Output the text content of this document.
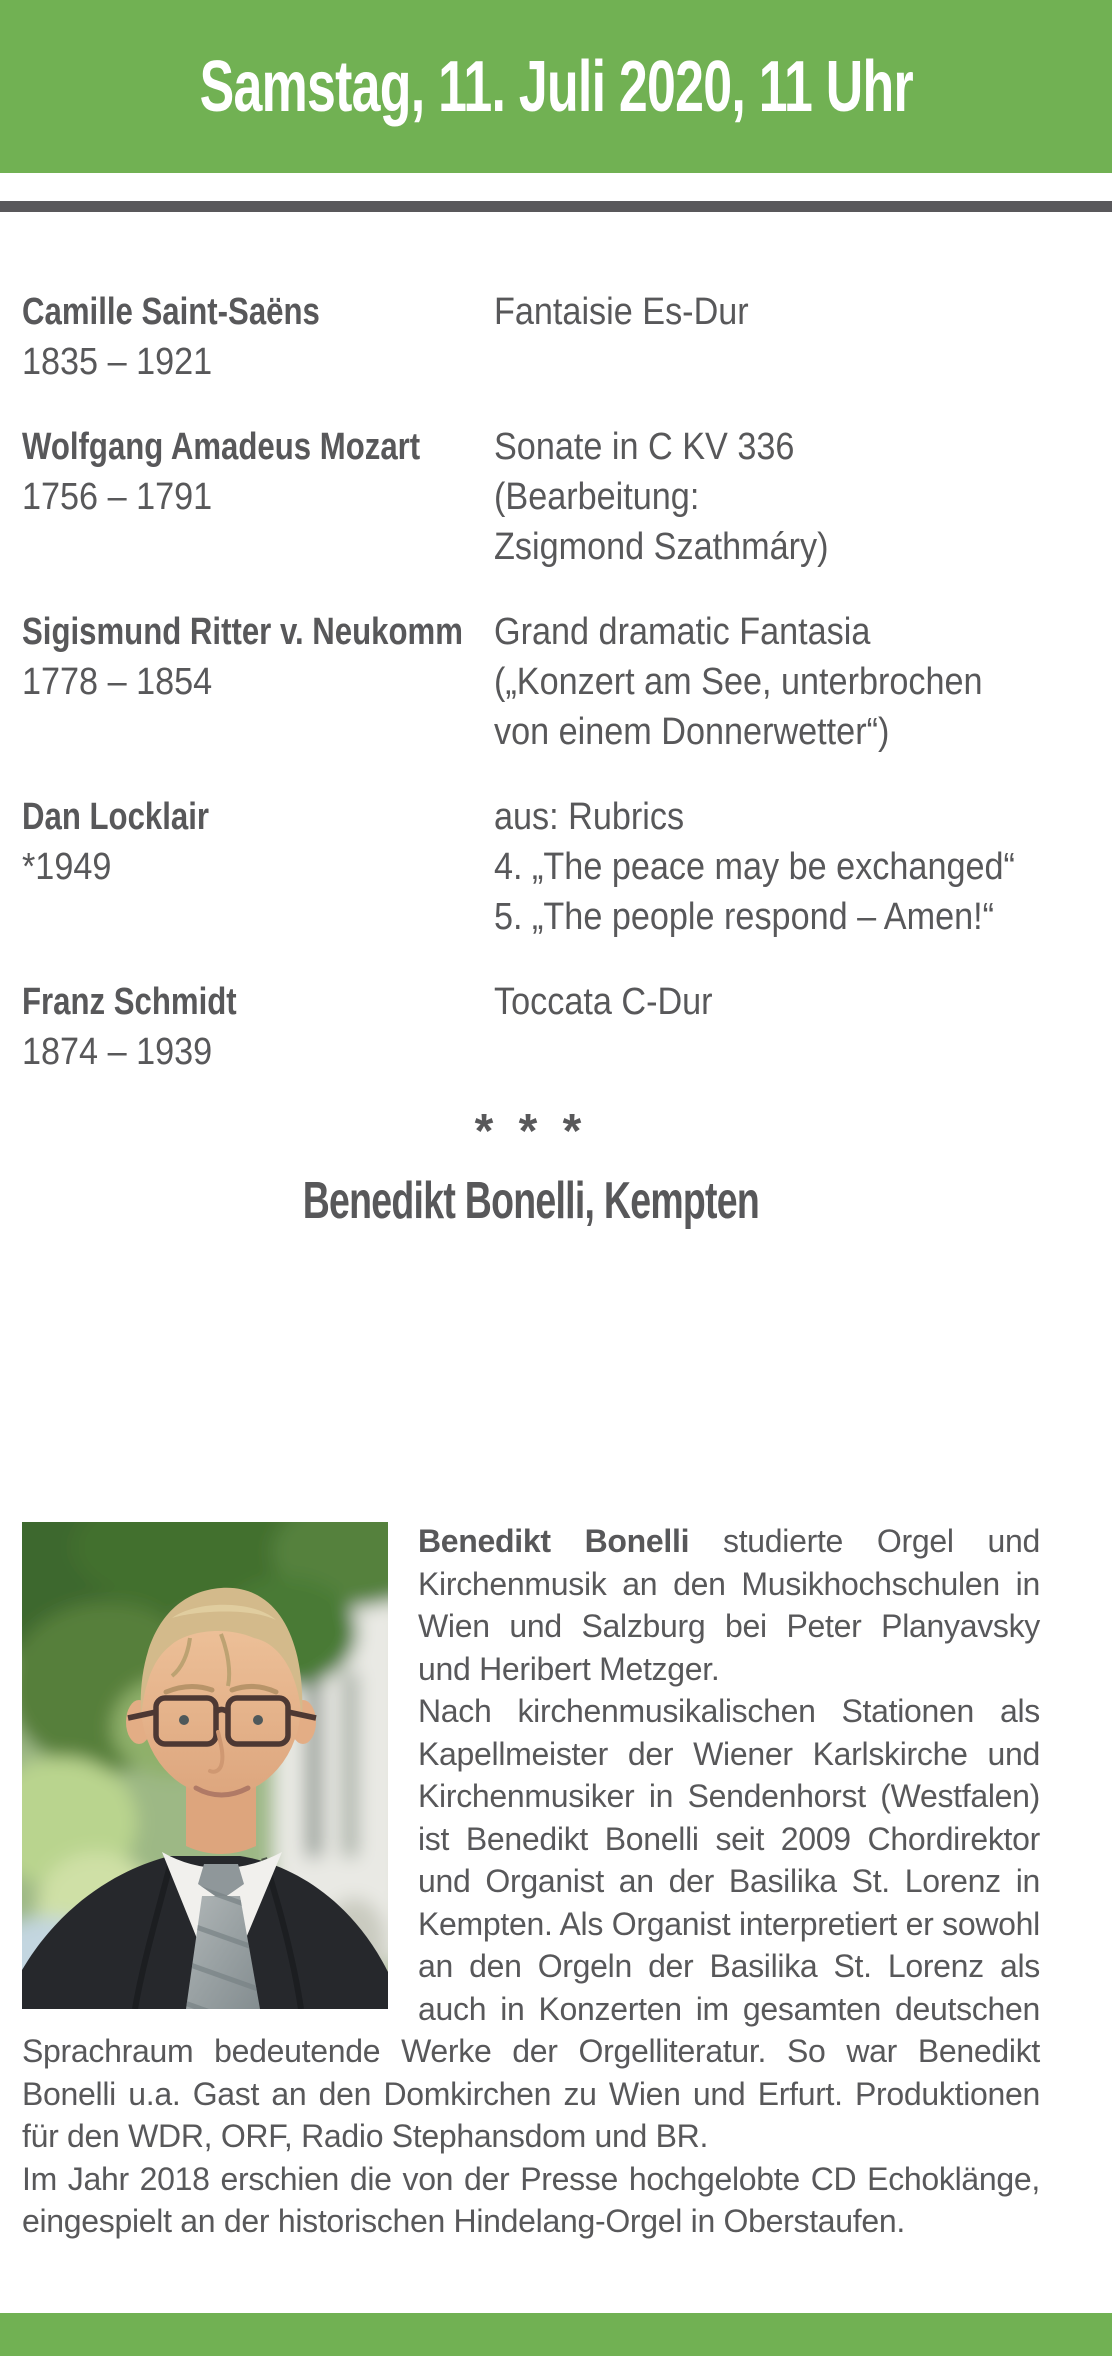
Samstag, 11. Juli 2020, 11 Uhr
Camille Saint-Saëns
1835 – 1921
Fantaisie Es-Dur
Wolfgang Amadeus Mozart
1756 – 1791
Sonate in C KV 336
(Bearbeitung:
Zsigmond Szathmáry)
Sigismund Ritter v. Neukomm
1778 – 1854
Grand dramatic Fantasia
(„Konzert am See, unterbrochen
von einem Donnerwetter“)
Dan Locklair
*1949
aus: Rubrics
4. „The peace may be exchanged“
5. „The people respond – Amen!“
Franz Schmidt
1874 – 1939
Toccata C-Dur
* * *
Benedikt Bonelli, Kempten

Benedikt Bonelli studierte Orgel und Kirchenmusik an den Musikhochschulen in Wien und Salzburg bei Peter Planyavsky und Heribert Metzger.

Nach kirchenmusikalischen Stationen als Kapellmeister der Wiener Karlskirche und Kirchenmusiker in Sendenhorst (Westfalen) ist Benedikt Bonelli seit 2009 Chordirektor und Organist an der Basilika St. Lorenz in Kempten. Als Organist interpretiert er sowohl an den Orgeln der Basilika St. Lorenz als auch in Konzerten im gesamten deutschen Sprachraum bedeutende Werke der Orgelliteratur. So war Benedikt Bonelli u.a. Gast an den Domkirchen zu Wien und Erfurt. Produktionen für den WDR, ORF, Radio Stephansdom und BR.

Im Jahr 2018 erschien die von der Presse hochgelobte CD Echoklänge, eingespielt an der historischen Hindelang-Orgel in Oberstaufen.
